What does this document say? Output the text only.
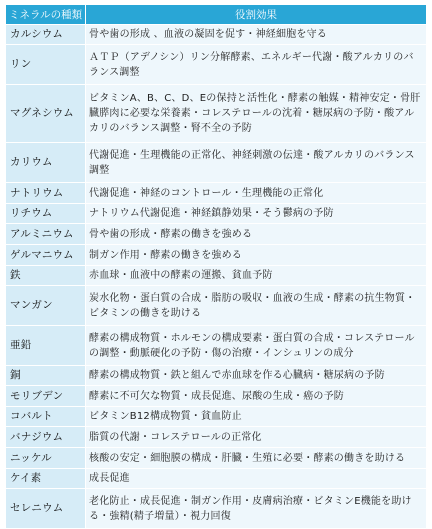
ミネラルの種類	役割効果
カルシウム	骨や歯の形成 、血液の凝固を促す・神経細胞を守る
リン	ＡＴＰ（アデノシン）リン分解酵素、エネルギー代謝・酸アルカリのバランス調整
マグネシウム	ビタミンA、B、C、D、Eの保持と活性化・酵素の触媒・精神安定・骨肝臓膵肉に必要な栄養素・コレステロールの沈着・糖尿病の予防・酸アルカリのバランス調整・腎不全の予防
カリウム	代謝促進・生理機能の正常化、神経刺激の伝達・酸アルカリのバランス調整
ナトリウム	代謝促進・神経のコントロール・生理機能の正常化
リチウム	ナトリウム代謝促進・神経鎮静効果・そう鬱病の予防
アルミニウム	骨や歯の形成・酵素の働きを強める
ゲルマニウム	制ガン作用・酵素の働きを強める
鉄	赤血球・血液中の酵素の運搬、貧血予防
マンガン	炭水化物・蛋白質の合成・脂肪の吸収・血液の生成・酵素の抗生物質・ビタミンの働きを助ける
亜鉛	酵素の構成物質・ホルモンの構成要素・蛋白質の合成・コレステロールの調整・動脈硬化の予防・傷の治療・インシュリンの成分
銅	酵素の構成物質・鉄と組んで赤血球を作る心臓病・糖尿病の予防
モリブデン	酵素に不可欠な物質・成長促進、尿酸の生成・癌の予防
コバルト	ビタミンB12構成物質・貧血防止
バナジウム	脂質の代謝・コレステロールの正常化
ニッケル	核酸の安定・細胞膜の構成・肝臓・生殖に必要・酵素の働きを助ける
ケイ素	成長促進
セレニウム	老化防止・成長促進・制ガン作用・皮膚病治療・ビタミンE機能を助ける・強精(精子増量）・視力回復
